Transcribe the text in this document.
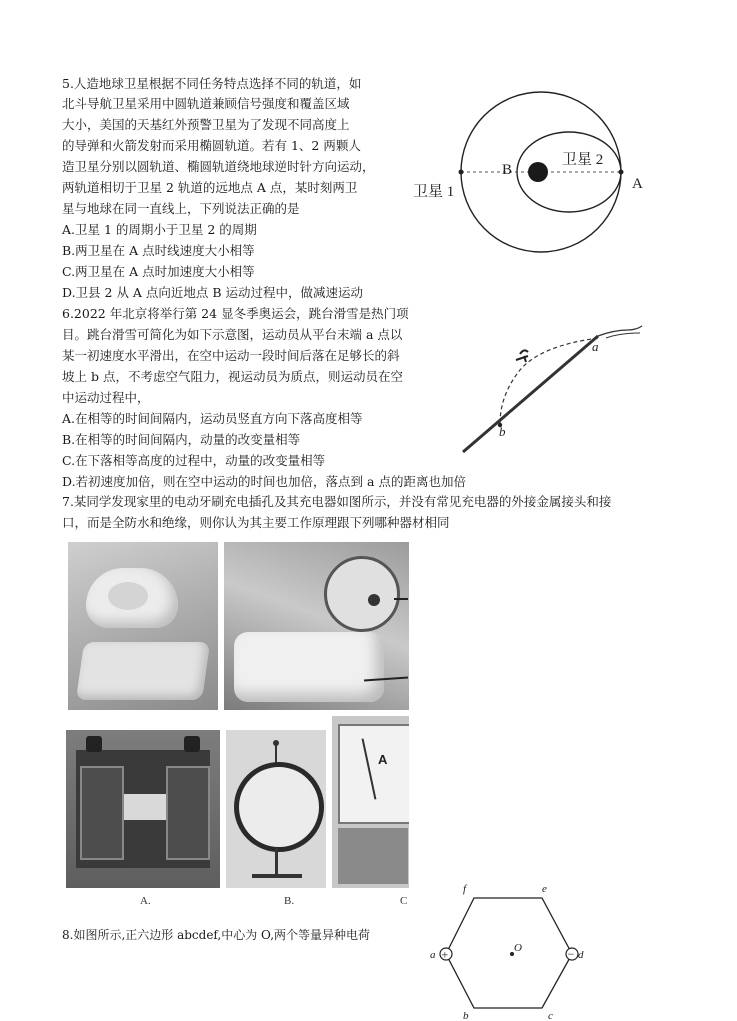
5.人造地球卫星根据不同任务特点选择不同的轨道，如
北斗导航卫星采用中圆轨道兼顾信号强度和覆盖区域
大小，美国的天基红外预警卫星为了发现不同高度上
的导弹和火箭发射而采用椭圆轨道。若有 1、2 两颗人
造卫星分别以圆轨道、椭圆轨道绕地球逆时针方向运动，
两轨道相切于卫星 2 轨道的远地点 A 点，某时刻两卫
星与地球在同一直线上，下列说法正确的是
A.卫星 1 的周期小于卫星 2 的周期
B.两卫星在 A 点时线速度大小相等
C.两卫星在 A 点时加速度大小相等
D.卫县 2 从 A 点向近地点 B 运动过程中，做减速运动
卫星 1
卫星 2
A
B
6.2022 年北京将举行第 24 显冬季奥运会，跳台滑雪是热门项
目。跳台滑雪可简化为如下示意图，运动员从平台末端 a 点以
某一初速度水平滑出，在空中运动一段时间后落在足够长的斜
坡上 b 点，不考虑空气阻力，视运动员为质点，则运动员在空
中运动过程中，
A.在相等的时间间隔内，运动员竖直方向下落高度相等
B.在相等的时间间隔内，动量的改变量相等
C.在下落相等高度的过程中，动量的改变量相等
D.若初速度加倍，则在空中运动的时间也加倍，落点到 a 点的距离也加倍
a
b
7.某同学发现家里的电动牙刷充电插孔及其充电器如图所示，并没有常见充电器的外接金属接头和接
口，而是全防水和绝缘，则你认为其主要工作原理跟下列哪种器材相同
A
A.	B.	C
8.如图所示,正六边形 abcdef,中心为 O,两个等量异种电荷
+	−
a
b	c
d
e
f
O
